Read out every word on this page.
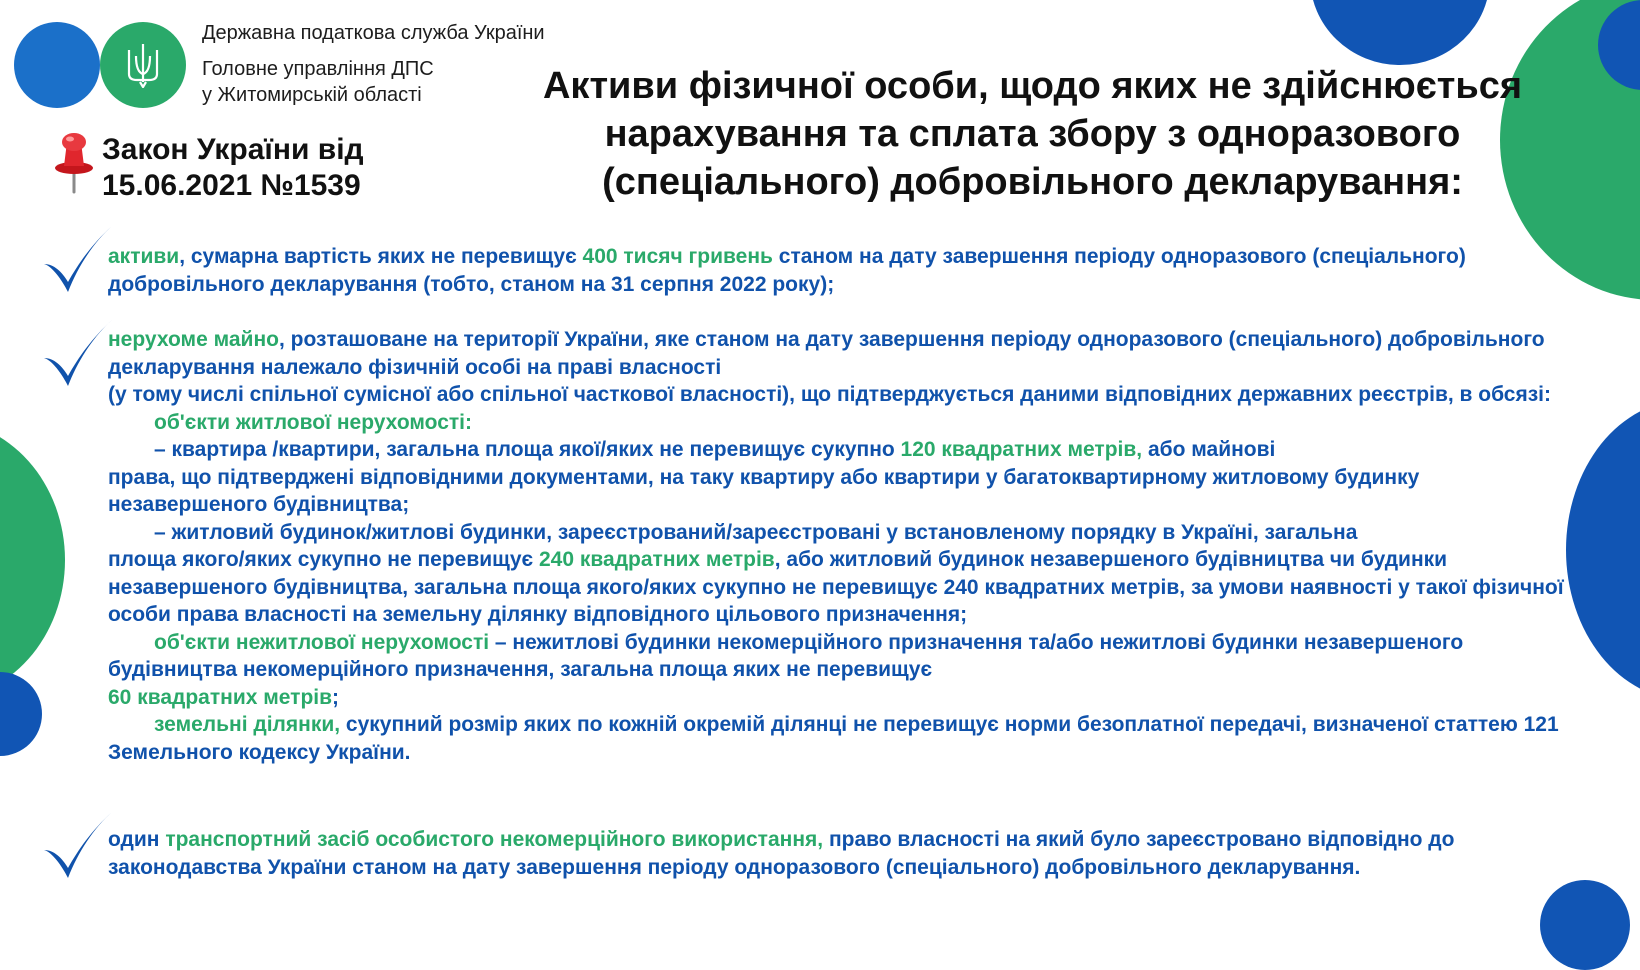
Державна податкова служба України
Головне управління ДПС
у Житомирській області	Активи фізичної особи, щодо яких не здійснюється
нарахування та сплата збору з одноразового
(спеціального) добровільного декларування:
Закон України від
15.06.2021 №1539
активи, сумарна вартість яких не перевищує 400 тисяч гривень станом на дату завершення періоду одноразового (спеціального) добровільного декларування (тобто, станом на 31 серпня 2022 року);
нерухоме майно, розташоване на території України, яке станом на дату завершення періоду одноразового (спеціального) добровільного декларування належало фізичній особі на праві власності
(у тому числі спільної сумісної або спільної часткової власності), що підтверджується даними відповідних державних реєстрів, в обсязі:
об'єкти житлової нерухомості:
– квартира /квартири, загальна площа якої/яких не перевищує сукупно 120 квадратних метрів, або майнові
права, що підтверджені відповідними документами, на таку квартиру або квартири у багатоквартирному житловому будинку незавершеного будівництва;
– житловий будинок/житлові будинки, зареєстрований/зареєстровані у встановленому порядку в Україні, загальна
площа якого/яких сукупно не перевищує 240 квадратних метрів, або житловий будинок незавершеного будівництва чи будинки незавершеного будівництва, загальна площа якого/яких сукупно не перевищує 240 квадратних метрів, за умови наявності у такої фізичної особи права власності на земельну ділянку відповідного цільового призначення;
об'єкти нежитлової нерухомості – нежитлові будинки некомерційного призначення та/або нежитлові будинки незавершеного будівництва некомерційного призначення, загальна площа яких не перевищує
60 квадратних метрів;
земельні ділянки, сукупний розмір яких по кожній окремій ділянці не перевищує норми безоплатної передачі, визначеної статтею 121 Земельного кодексу України.
один транспортний засіб особистого некомерційного використання, право власності на який було зареєстровано відповідно до законодавства України станом на дату завершення періоду одноразового (спеціального) добровільного декларування.
